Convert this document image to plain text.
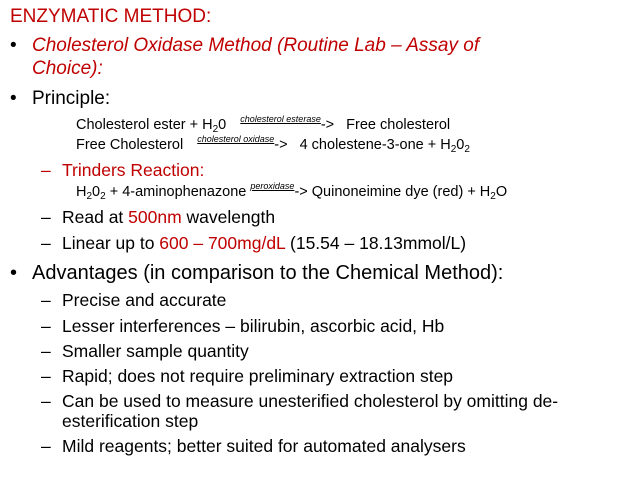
ENZYMATIC METHOD:
• Cholesterol Oxidase Method (Routine Lab – Assay of
Choice):
• Principle:
Cholesterol ester + $H_20$ $^{cholesterol esterase}$-> Free cholesterol
Free Cholesterol $^{cholesterol oxidase}$-> 4 cholestene-3-one + $H_20_2$
– Trinders Reaction:
$H_20_2$ + 4-aminophenazone $^{peroxidase}$-> Quinoneimine dye $(red) + H_2O$
– Read at 500nm wavelength
– Linear up to 600 – 700mg/dL (15.54 – 18.13mmol/L)
• Advantages (in comparison to the Chemical Method):
– Precise and accurate
– Lesser interferences – bilirubin, ascorbic acid, Hb
– Smaller sample quantity
– Rapid; does not require preliminary extraction step
– Can be used to measure unesterified cholesterol by omitting de-
esterification step
– Mild reagents; better suited for automated analysers
